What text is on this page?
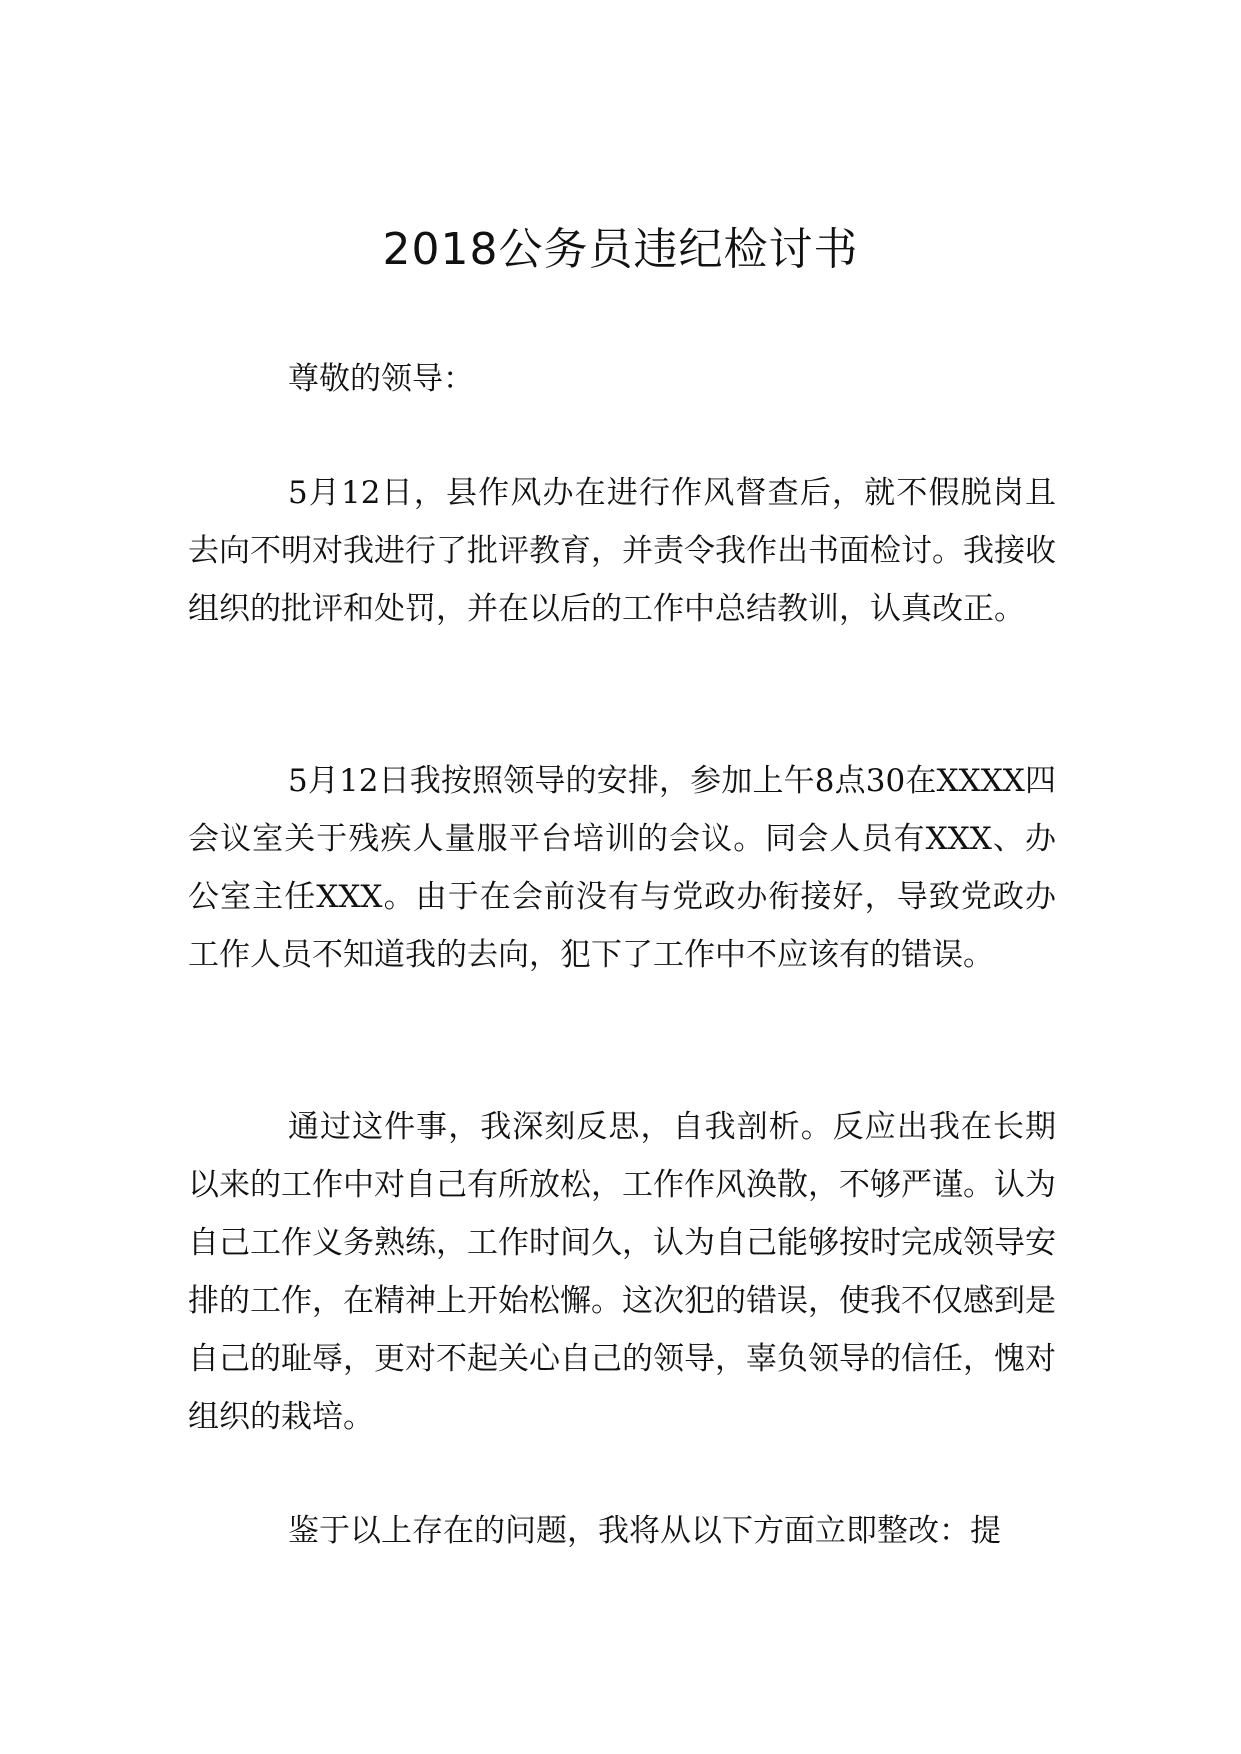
2018公务员违纪检讨书

尊敬的领导：

5月12日，县作风办在进行作风督查后，就不假脱岗且去向不明对我进行了批评教育，并责令我作出书面检讨。我接收组织的批评和处罚，并在以后的工作中总结教训，认真改正。

5月12日我按照领导的安排，参加上午8点30在XXXX四会议室关于残疾人量服平台培训的会议。同会人员有XXX、办公室主任XXX。由于在会前没有与党政办衔接好，导致党政办工作人员不知道我的去向，犯下了工作中不应该有的错误。

通过这件事，我深刻反思，自我剖析。反应出我在长期以来的工作中对自己有所放松，工作作风涣散，不够严谨。认为自己工作义务熟练，工作时间久，认为自己能够按时完成领导安排的工作，在精神上开始松懈。这次犯的错误，使我不仅感到是自己的耻辱，更对不起关心自己的领导，辜负领导的信任，愧对组织的栽培。

鉴于以上存在的问题，我将从以下方面立即整改：提
